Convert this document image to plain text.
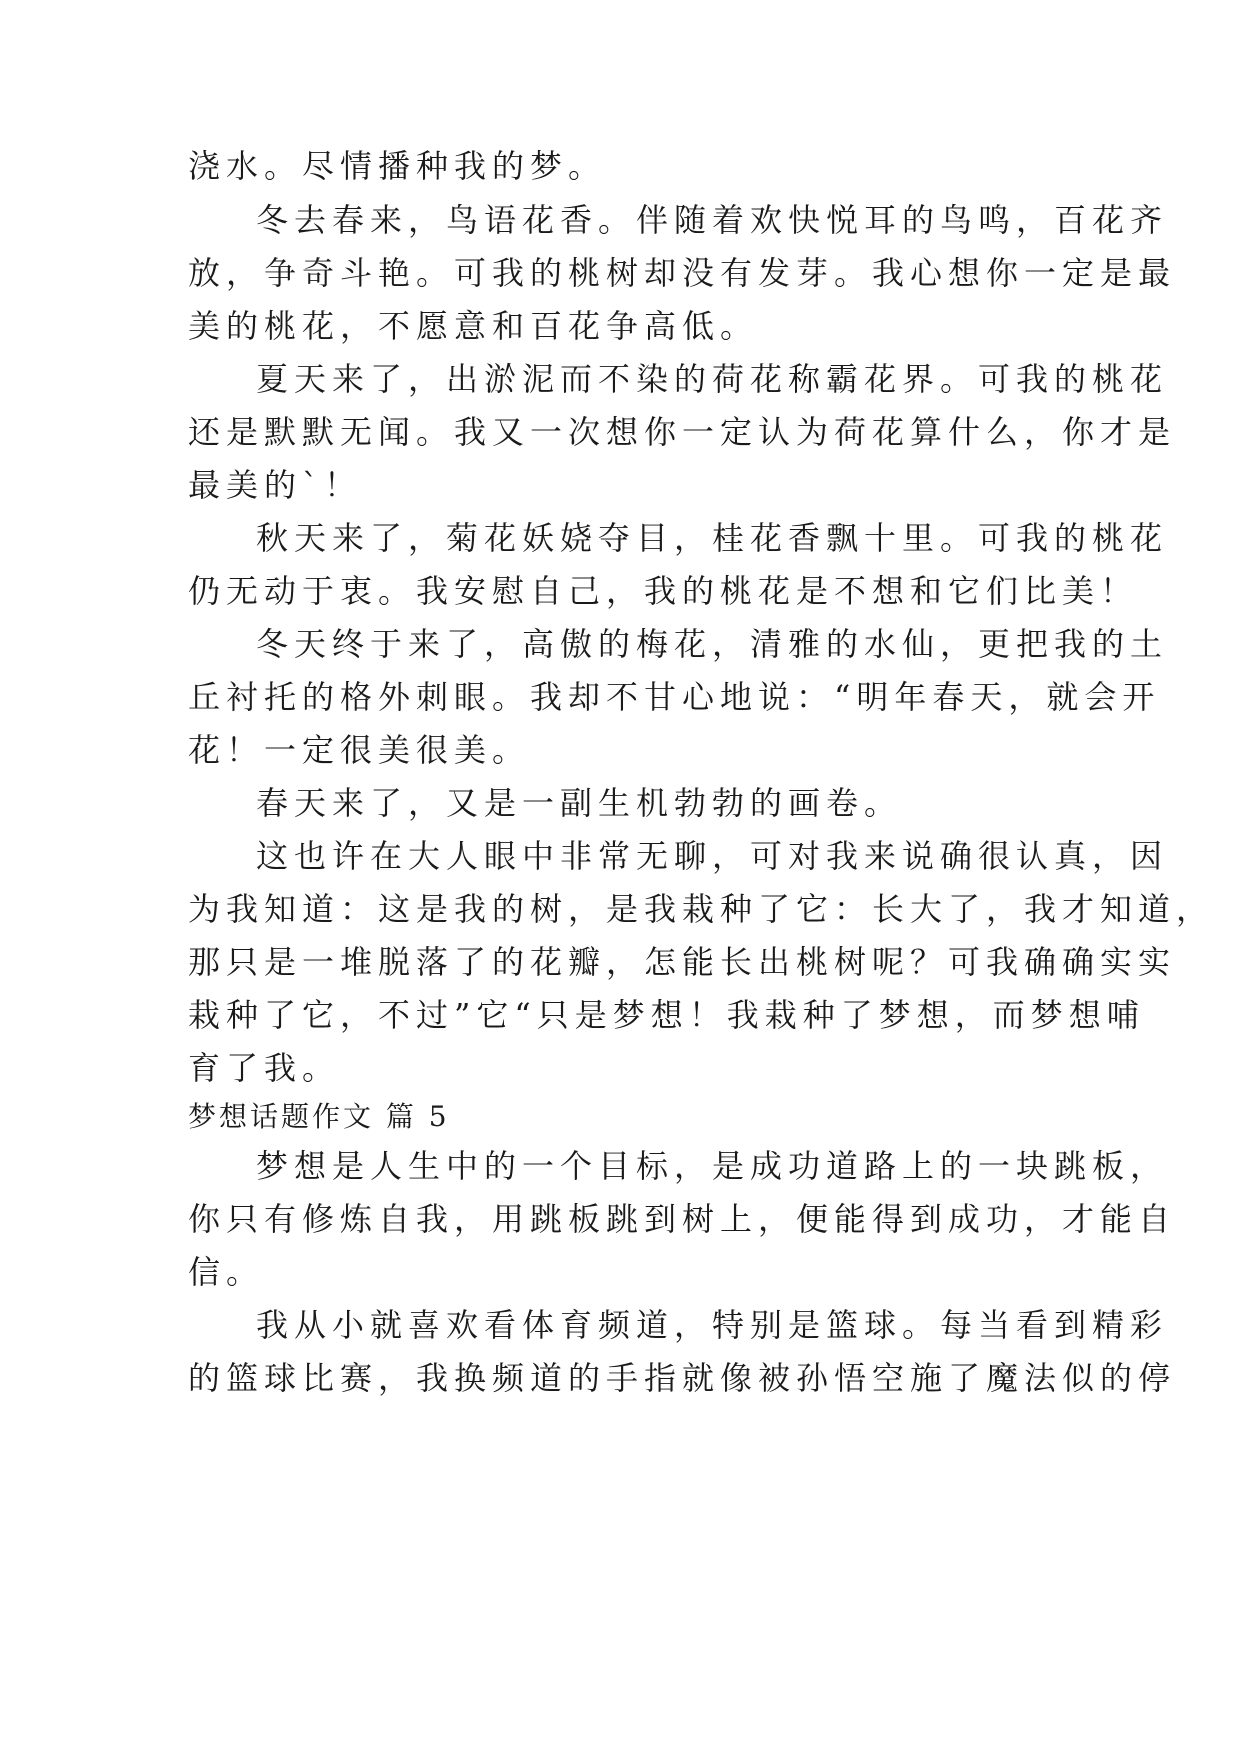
浇水。尽情播种我的梦。

冬去春来，鸟语花香。伴随着欢快悦耳的鸟鸣，百花齐

放，争奇斗艳。可我的桃树却没有发芽。我心想你一定是最

美的桃花，不愿意和百花争高低。

夏天来了，出淤泥而不染的荷花称霸花界。可我的桃花

还是默默无闻。我又一次想你一定认为荷花算什么，你才是

最美的`！

秋天来了，菊花妖娆夺目，桂花香飘十里。可我的桃花

仍无动于衷。我安慰自己，我的桃花是不想和它们比美！

冬天终于来了，高傲的梅花，清雅的水仙，更把我的土

丘衬托的格外刺眼。我却不甘心地说：“明年春天，就会开

花！一定很美很美。

春天来了，又是一副生机勃勃的画卷。

这也许在大人眼中非常无聊，可对我来说确很认真，因

为我知道：这是我的树，是我栽种了它：长大了，我才知道，

那只是一堆脱落了的花瓣，怎能长出桃树呢？可我确确实实

栽种了它，不过”它“只是梦想！我栽种了梦想，而梦想哺

育了我。

梦想话题作文 篇 5

梦想是人生中的一个目标，是成功道路上的一块跳板，

你只有修炼自我，用跳板跳到树上，便能得到成功，才能自

信。

我从小就喜欢看体育频道，特别是篮球。每当看到精彩

的篮球比赛，我换频道的手指就像被孙悟空施了魔法似的停
